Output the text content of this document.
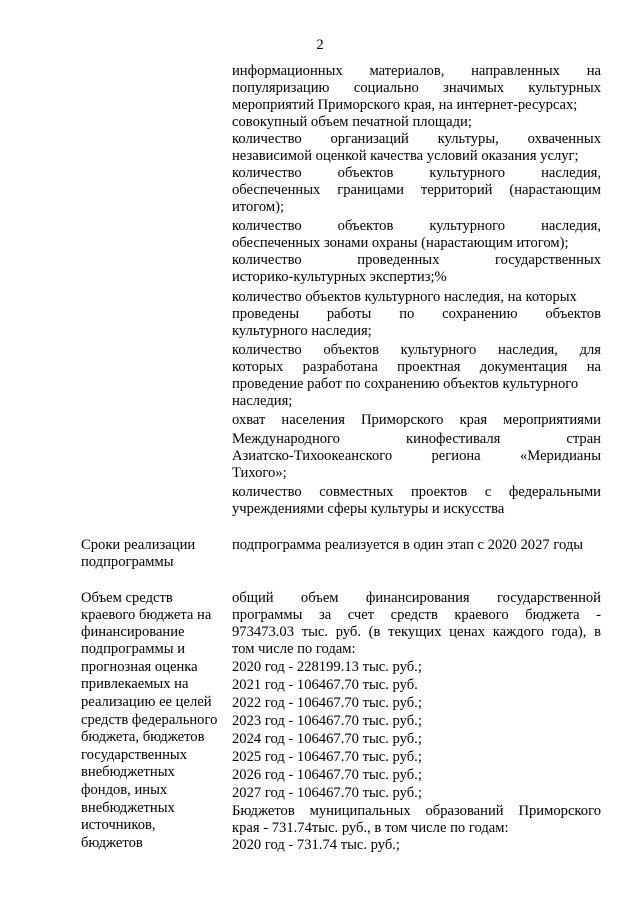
2
информационных материалов, направленных на
популяризацию социально значимых культурных
мероприятий Приморского края, на интернет-ресурсах;
совокупный объем печатной площади;
количество организаций культуры, охваченных
независимой оценкой качества условий оказания услуг;
количество объектов культурного наследия,
обеспеченных границами территорий (нарастающим
итогом);
количество объектов культурного наследия,
обеспеченных зонами охраны (нарастающим итогом);
количество проведенных государственных
историко-культурных экспертиз;%
количество объектов культурного наследия, на которых
проведены работы по сохранению объектов
культурного наследия;
количество объектов культурного наследия, для
которых разработана проектная документация на
проведение работ по сохранению объектов культурного
наследия;
охват населения Приморского края мероприятиями
Международного кинофестиваля стран
Азиатско-Тихоокеанского региона «Меридианы
Тихого»;
количество совместных проектов с федеральными
учреждениями сферы культуры и искусства
Сроки реализации
подпрограммы
подпрограмма реализуется в один этап с 2020 2027 годы
Объем средств
краевого бюджета на
финансирование
подпрограммы и
прогнозная оценка
привлекаемых на
реализацию ее целей
средств федерального
бюджета, бюджетов
государственных
внебюджетных
фондов, иных
внебюджетных
источников,
бюджетов
общий объем финансирования государственной
программы за счет средств краевого бюджета -
973473.03 тыс. руб. (в текущих ценах каждого года), в
том числе по годам:
2020 год - 228199.13 тыс. руб.;
2021 год - 106467.70 тыс. руб.
2022 год - 106467.70 тыс. руб.;
2023 год - 106467.70 тыс. руб.;
2024 год - 106467.70 тыс. руб.;
2025 год - 106467.70 тыс. руб.;
2026 год - 106467.70 тыс. руб.;
2027 год - 106467.70 тыс. руб.;
Бюджетов муниципальных образований Приморского
края - 731.74тыс. руб., в том числе по годам:
2020 год - 731.74 тыс. руб.;
